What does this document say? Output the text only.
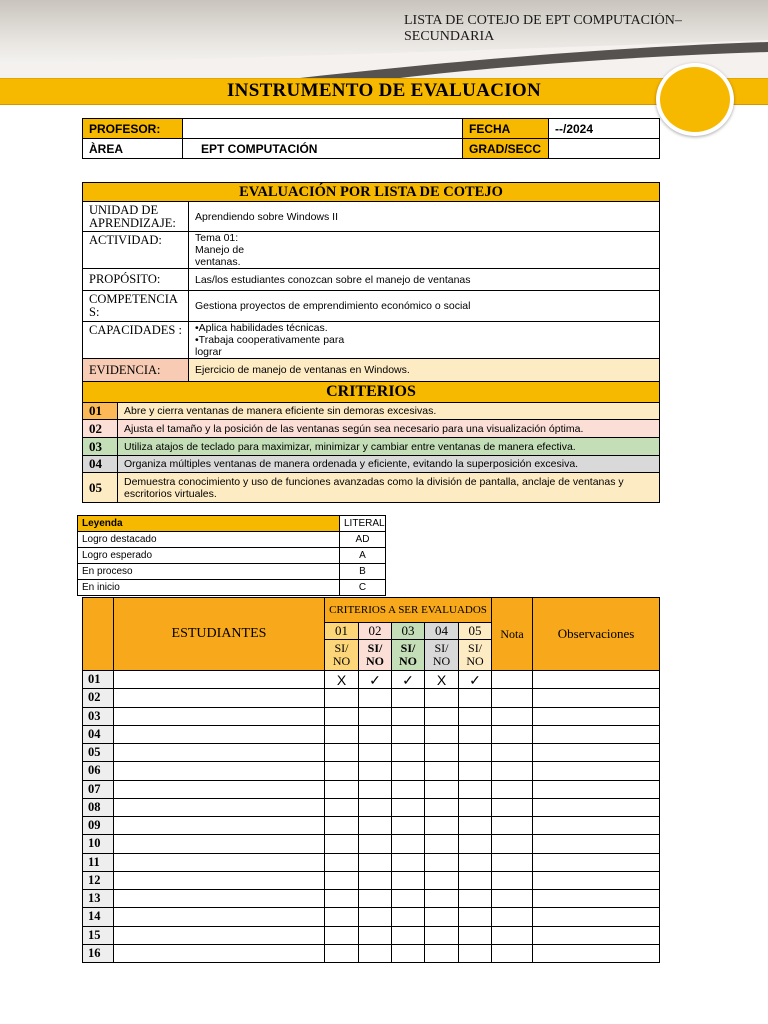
LISTA DE COTEJO DE EPT COMPUTACIÓN– SECUNDARIA
INSTRUMENTO DE EVALUACION
PROFESOR:		FECHA	--/2024
ÀREA	EPT COMPUTACIÓN	GRAD/SECC	
EVALUACIÓN POR LISTA DE COTEJO		
UNIDAD DE APRENDIZAJE:		Aprendiendo sobre Windows II
ACTIVIDAD:		Tema 01: Manejo de ventanas.
PROPÓSITO:		Las/los estudiantes conozcan sobre el manejo de ventanas
COMPETENCIAS:		Gestiona proyectos de emprendimiento económico o social
CAPACIDADES :		•Aplica habilidades técnicas. •Trabaja cooperativamente para lograr
EVIDENCIA:		Ejercicio de manejo de ventanas en Windows.
CRITERIOS		
01	Abre y cierra ventanas de manera eficiente sin demoras excesivas.	
02	Ajusta el tamaño y la posición de las ventanas según sea necesario para una visualización óptima.	
03	Utiliza atajos de teclado para maximizar, minimizar y cambiar entre ventanas de manera efectiva.	
04	Organiza múltiples ventanas de manera ordenada y eficiente, evitando la superposición excesiva.	
05	Demuestra conocimiento y uso de funciones avanzadas como la división de pantalla, anclaje de ventanas y escritorios virtuales.	
Leyenda	LITERAL
Logro destacado	AD
Logro esperado	A
En proceso	B
En inicio	C
	ESTUDIANTES	CRITERIOS A SER EVALUADOS					Nota	Observaciones
		01	02	03	04	05		
		SI/ NO	SI/ NO	SI/ NO	SI/ NO	SI/ NO		
01		X	✓	✓	X	✓		
02								
03								
04								
05								
06								
07								
08								
09								
10								
11								
12								
13								
14								
15								
16								
